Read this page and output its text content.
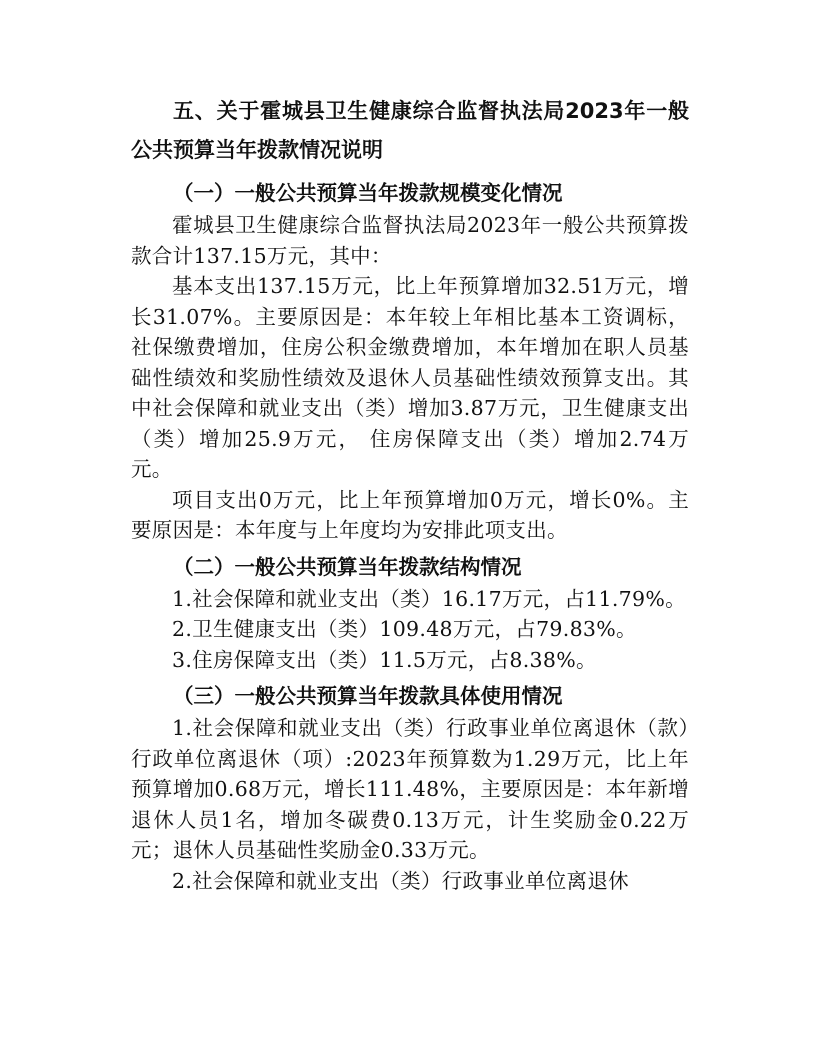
五、关于霍城县卫生健康综合监督执法局2023年一般公共预算当年拨款情况说明

（一）一般公共预算当年拨款规模变化情况

霍城县卫生健康综合监督执法局2023年一般公共预算拨款合计137.15万元，其中：

基本支出137.15万元，比上年预算增加32.51万元，增长31.07%。主要原因是：本年较上年相比基本工资调标，社保缴费增加，住房公积金缴费增加，本年增加在职人员基础性绩效和奖励性绩效及退休人员基础性绩效预算支出。其中社会保障和就业支出（类）增加3.87万元，卫生健康支出（类）增加25.9万元， 住房保障支出（类）增加2.74万元。

项目支出0万元，比上年预算增加0万元，增长0%。主要原因是：本年度与上年度均为安排此项支出。

（二）一般公共预算当年拨款结构情况

1.社会保障和就业支出（类）16.17万元，占11.79%。

2.卫生健康支出（类）109.48万元，占79.83%。

3.住房保障支出（类）11.5万元，占8.38%。

（三）一般公共预算当年拨款具体使用情况

1.社会保障和就业支出（类）行政事业单位离退休（款）行政单位离退休（项）:2023年预算数为1.29万元，比上年预算增加0.68万元，增长111.48%，主要原因是：本年新增退休人员1名，增加冬碳费0.13万元，计生奖励金0.22万元；退休人员基础性奖励金0.33万元。

2.社会保障和就业支出（类）行政事业单位离退休
